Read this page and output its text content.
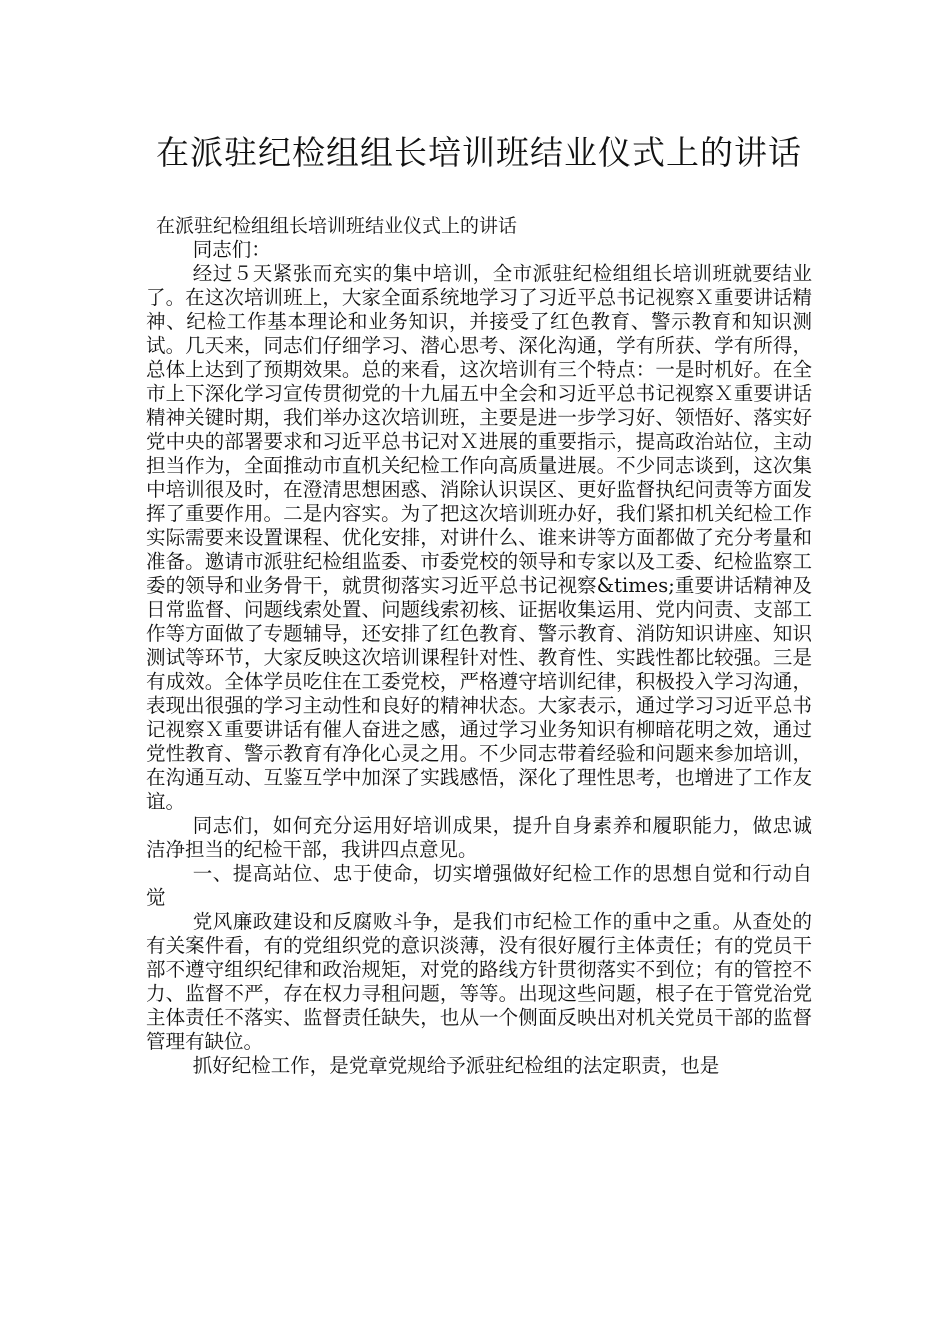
在派驻纪检组组长培训班结业仪式上的讲话
在派驻纪检组组长培训班结业仪式上的讲话

同志们：

经过５天紧张而充实的集中培训，全市派驻纪检组组长培训班就要结业了。在这次培训班上，大家全面系统地学习了习近平总书记视察Ｘ重要讲话精神、纪检工作基本理论和业务知识，并接受了红色教育、警示教育和知识测试。几天来，同志们仔细学习、潜心思考、深化沟通，学有所获、学有所得，总体上达到了预期效果。总的来看，这次培训有三个特点：一是时机好。在全市上下深化学习宣传贯彻党的十九届五中全会和习近平总书记视察Ｘ重要讲话精神关键时期，我们举办这次培训班，主要是进一步学习好、领悟好、落实好党中央的部署要求和习近平总书记对Ｘ进展的重要指示，提高政治站位，主动担当作为，全面推动市直机关纪检工作向高质量进展。不少同志谈到，这次集中培训很及时，在澄清思想困惑、消除认识误区、更好监督执纪问责等方面发挥了重要作用。二是内容实。为了把这次培训班办好，我们紧扣机关纪检工作实际需要来设置课程、优化安排，对讲什么、谁来讲等方面都做了充分考量和准备。邀请市派驻纪检组监委、市委党校的领导和专家以及工委、纪检监察工委的领导和业务骨干，就贯彻落实习近平总书记视察&times;重要讲话精神及日常监督、问题线索处置、问题线索初核、证据收集运用、党内问责、支部工作等方面做了专题辅导，还安排了红色教育、警示教育、消防知识讲座、知识测试等环节，大家反映这次培训课程针对性、教育性、实践性都比较强。三是有成效。全体学员吃住在工委党校，严格遵守培训纪律，积极投入学习沟通，表现出很强的学习主动性和良好的精神状态。大家表示，通过学习习近平总书记视察Ｘ重要讲话有催人奋进之感，通过学习业务知识有柳暗花明之效，通过党性教育、警示教育有净化心灵之用。不少同志带着经验和问题来参加培训，在沟通互动、互鉴互学中加深了实践感悟，深化了理性思考，也增进了工作友谊。

同志们，如何充分运用好培训成果，提升自身素养和履职能力，做忠诚洁净担当的纪检干部，我讲四点意见。

一、提高站位、忠于使命，切实增强做好纪检工作的思想自觉和行动自觉

党风廉政建设和反腐败斗争，是我们市纪检工作的重中之重。从查处的有关案件看，有的党组织党的意识淡薄，没有很好履行主体责任；有的党员干部不遵守组织纪律和政治规矩，对党的路线方针贯彻落实不到位；有的管控不力、监督不严，存在权力寻租问题，等等。出现这些问题，根子在于管党治党主体责任不落实、监督责任缺失，也从一个侧面反映出对机关党员干部的监督管理有缺位。

抓好纪检工作，是党章党规给予派驻纪检组的法定职责，也是
